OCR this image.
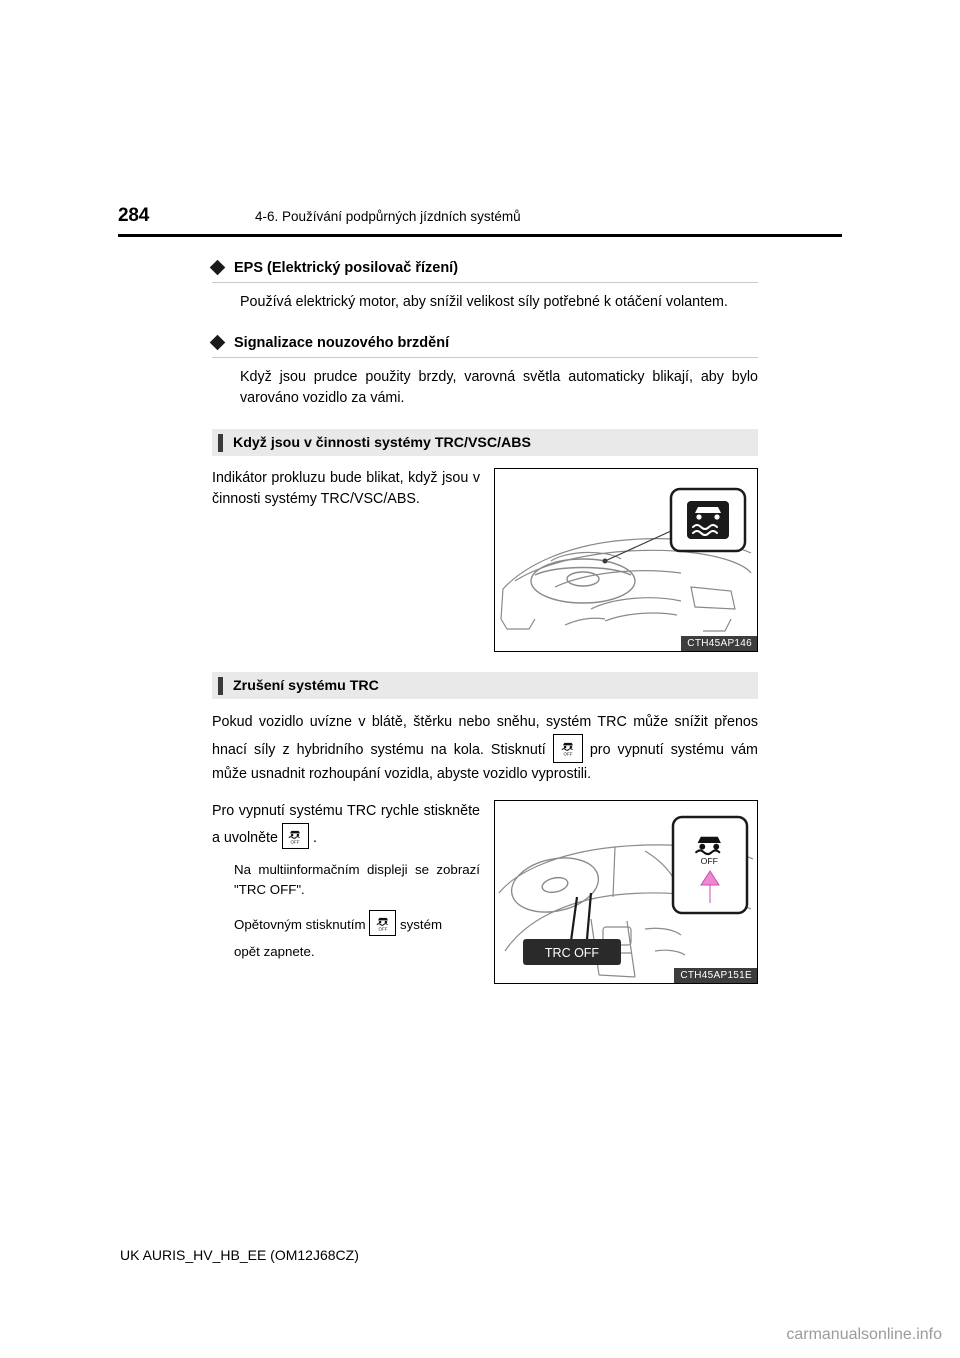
284	4-6. Používání podpůrných jízdních systémů
EPS (Elektrický posilovač řízení)
Používá elektrický motor, aby snížil velikost síly potřebné k otáčení volantem.
Signalizace nouzového brzdění
Když jsou prudce použity brzdy, varovná světla automaticky blikají, aby bylo varováno vozidlo za vámi.
Když jsou v činnosti systémy TRC/VSC/ABS
Indikátor prokluzu bude blikat, když jsou v činnosti systémy TRC/VSC/ABS.
CTH45AP146
Zrušení systému TRC
Pokud vozidlo uvízne v blátě, štěrku nebo sněhu, systém TRC může snížit přenos hnací síly z hybridního systému na kola. Stisknutí	OFF pro vypnutí systému vám může usnadnit rozhoupání vozidla, abyste vozidlo vyprostili.
Pro vypnutí systému TRC rychle stiskněte a uvolněte OFF .
Na multiinformačním displeji se zobrazí "TRC OFF".
Opětovným stisknutím OFF systém
opět zapnete.	TRC OFF
OFF
CTH45AP151E
UK AURIS_HV_HB_EE (OM12J68CZ)
carmanualsonline.info
